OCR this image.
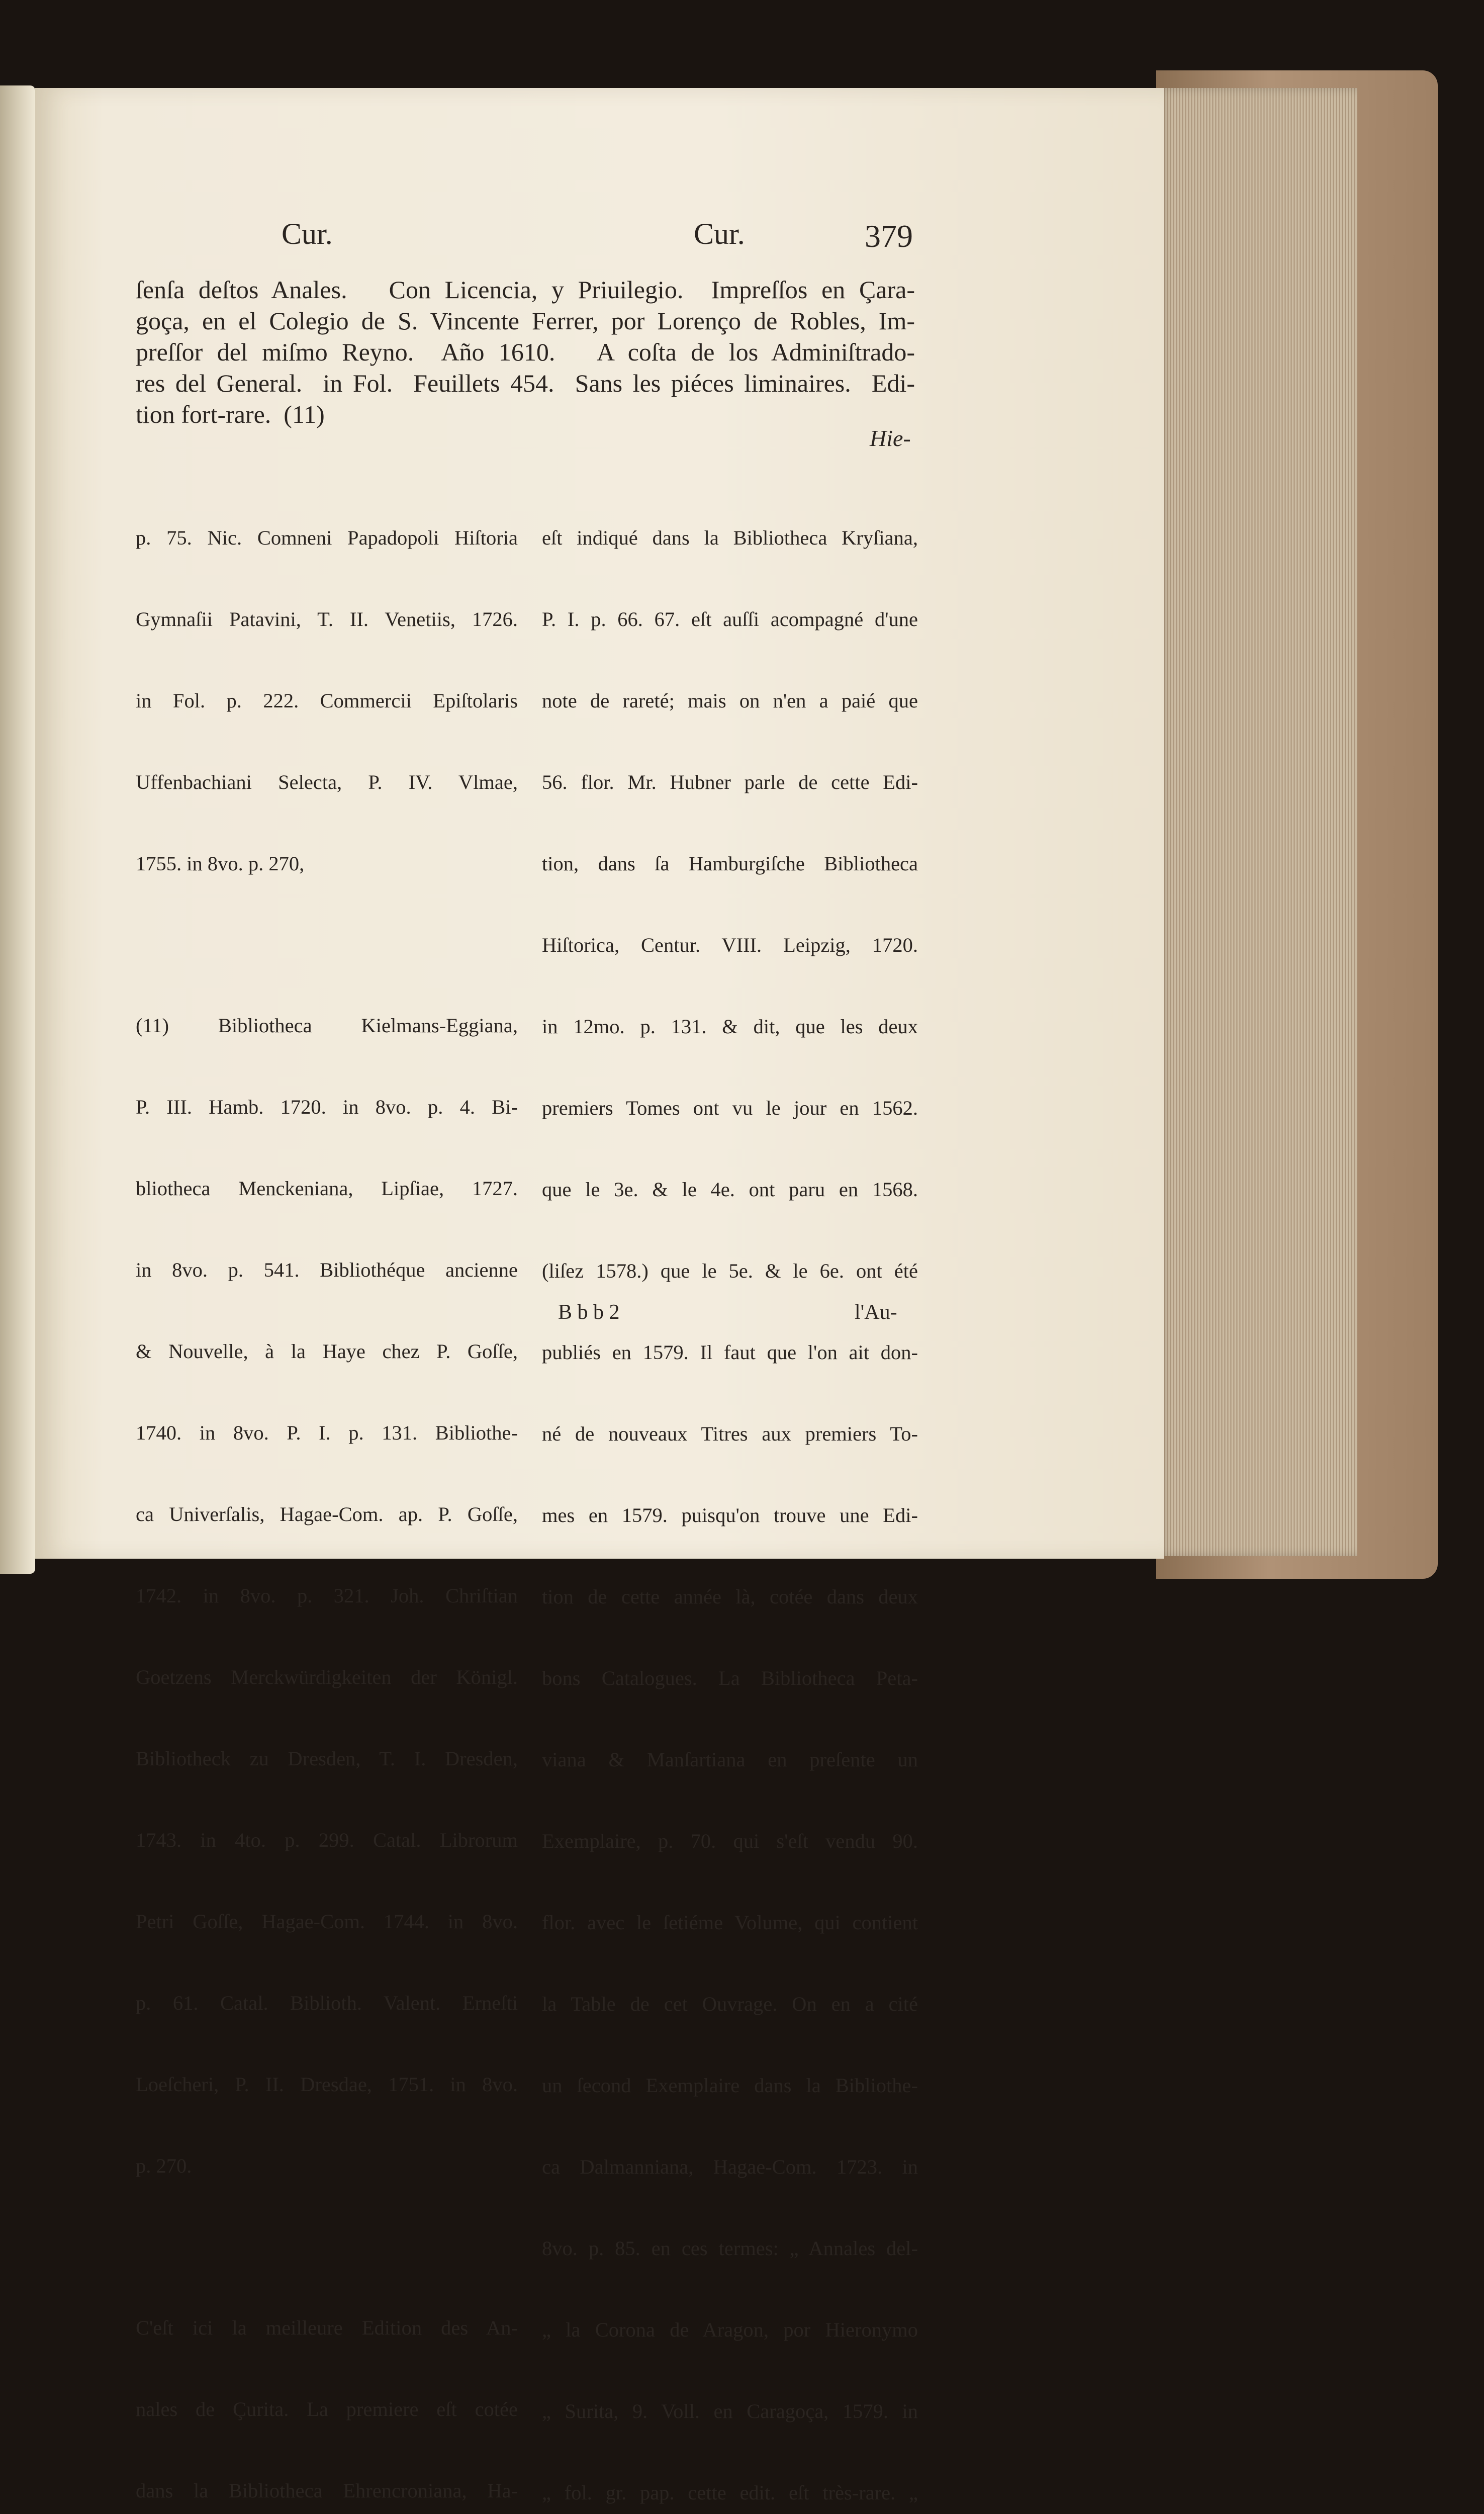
Cur.	Cur.	379
ſenſa deſtos Anales.   Con Licencia, y Priuilegio.  Impreſſos en Çara-
goça, en el Colegio de S. Vincente Ferrer, por Lorenço de Robles, Im-
preſſor del miſmo Reyno.  Año 1610.   A coſta de los Adminiſtrado-
res del General.  in Fol.  Feuillets 454.  Sans les piéces liminaires.  Edi-
tion fort-rare.  (11)
Hie-

p. 75. Nic. Comneni Papadopoli Hiſtoria

Gymnaſii Patavini, T. II. Venetiis, 1726.

in Fol. p. 222. Commercii Epiſtolaris

Uffenbachiani Selecta, P. IV. Vlmae,

1755. in 8vo. p. 270,

(11) Bibliotheca Kielmans-Eggiana,

P. III. Hamb. 1720. in 8vo. p. 4. Bi-

bliotheca Menckeniana, Lipſiae, 1727.

in 8vo. p. 541. Bibliothéque ancienne

& Nouvelle, à la Haye chez P. Goſſe,

1740. in 8vo. P. I. p. 131. Bibliothe-

ca Univerſalis, Hagae-Com. ap. P. Goſſe,

1742. in 8vo. p. 321. Joh. Chriſtian

Goetzens Merckwürdigkeiten der Königl.

Bibliotheck zu Dresden, T. I. Dresden,

1743. in 4to. p. 299. Catal. Librorum

Petri Goſſe, Hagae-Com. 1744. in 8vo.

p. 61. Catal. Biblioth. Valent. Erneſti

Loeſcheri, P. II. Dresdae, 1751. in 8vo.

p. 270.

C'eſt ici la meilleure Edition des An-

nales de Çurita. La premiere eſt cotée

dans la Bibliotheca Ehrencroniana, Ha-

eſt indiqué dans la Bibliotheca Kryſiana,

P. I. p. 66. 67. eſt auſſi acompagné d'une

note de rareté; mais on n'en a paié que

56. flor. Mr. Hubner parle de cette Edi-

tion, dans ſa Hamburgiſche Bibliotheca

Hiſtorica, Centur. VIII. Leipzig, 1720.

in 12mo. p. 131. & dit, que les deux

premiers Tomes ont vu le jour en 1562.

que le 3e. & le 4e. ont paru en 1568.

(liſez 1578.) que le 5e. & le 6e. ont été

publiés en 1579. Il faut que l'on ait don-

né de nouveaux Titres aux premiers To-

mes en 1579. puisqu'on trouve une Edi-

tion de cette année là, cotée dans deux

bons Catalogues. La Bibliotheca Peta-

viana & Manſartiana en preſente un

Exemplaire, p. 70. qui s'eſt vendu 90.

flor. avec le ſetiéme Volume, qui contient

la Table de cet Ouvrage. On en a cité

un ſecond Exemplaire dans la Bibliothe-

ca Dalmanniana, Hagae-Com. 1723. in

8vo. p. 85. en ces termes: „ Annales del-

„ la Corona de Aragon, por Hieronymo

„ Surita, 9. Voll. en Caragoça, 1579. in

„ fol. gr. pap. cette edit. eſt très-rare. „

B b b 2	l'Au-
